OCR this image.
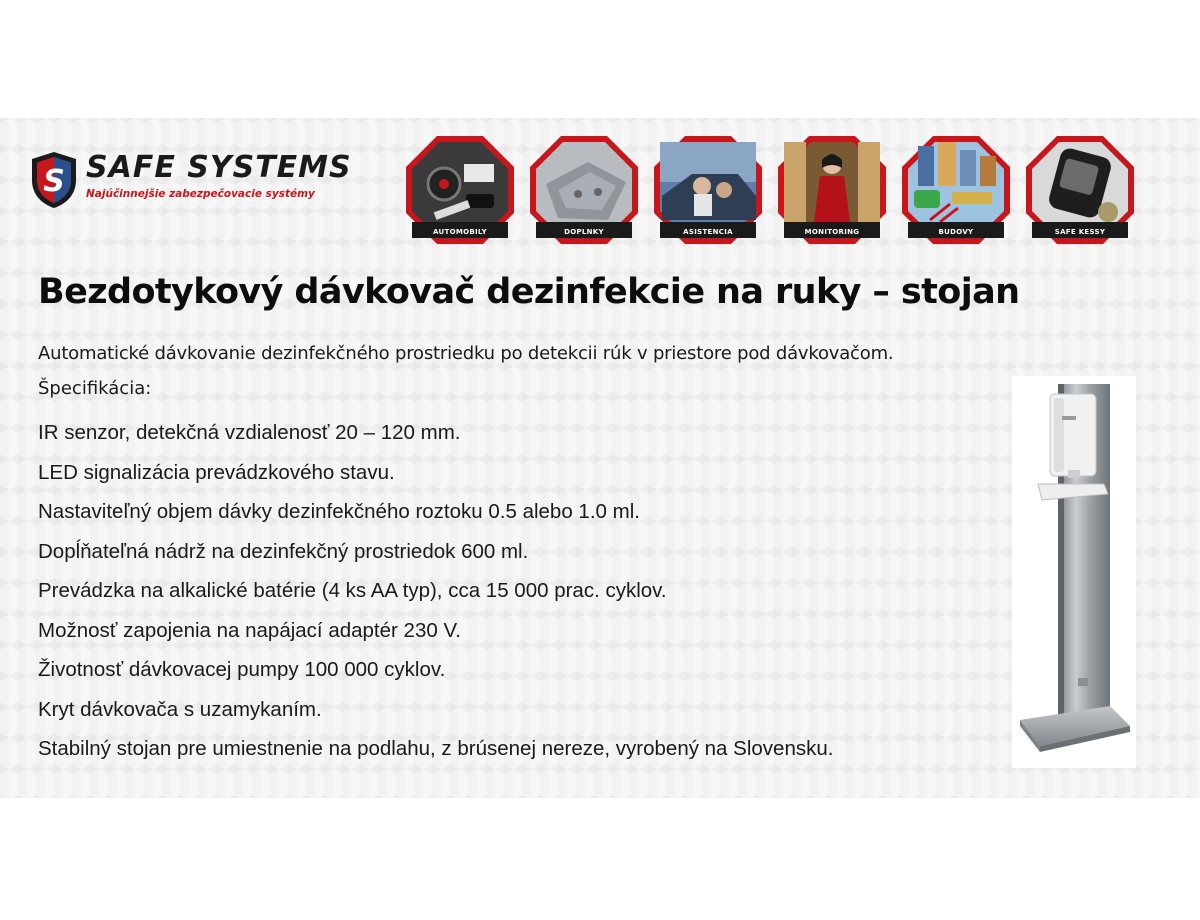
S SAFE SYSTEMS
Najúčinnejšie zabezpečovacie systémy
AUTOMOBILY	DOPLNKY	ASISTENCIA	MONITORING	BUDOVY	SAFE KESSY
Bezdotykový dávkovač dezinfekcie na ruky – stojan

Automatické dávkovanie dezinfekčného prostriedku po detekcii rúk v priestore pod dávkovačom.

Špecifikácia:

IR senzor, detekčná vzdialenosť 20 – 120 mm.
LED signalizácia prevádzkového stavu.
Nastaviteľný objem dávky dezinfekčného roztoku 0.5 alebo 1.0 ml.
Dopĺňateľná nádrž na dezinfekčný prostriedok 600 ml.
Prevádzka na alkalické batérie (4 ks AA typ), cca 15 000 prac. cyklov.
Možnosť zapojenia na napájací adaptér 230 V.
Životnosť dávkovacej pumpy 100 000 cyklov.
Kryt dávkovača s uzamykaním.
Stabilný stojan pre umiestnenie na podlahu, z brúsenej nereze, vyrobený na Slovensku.
